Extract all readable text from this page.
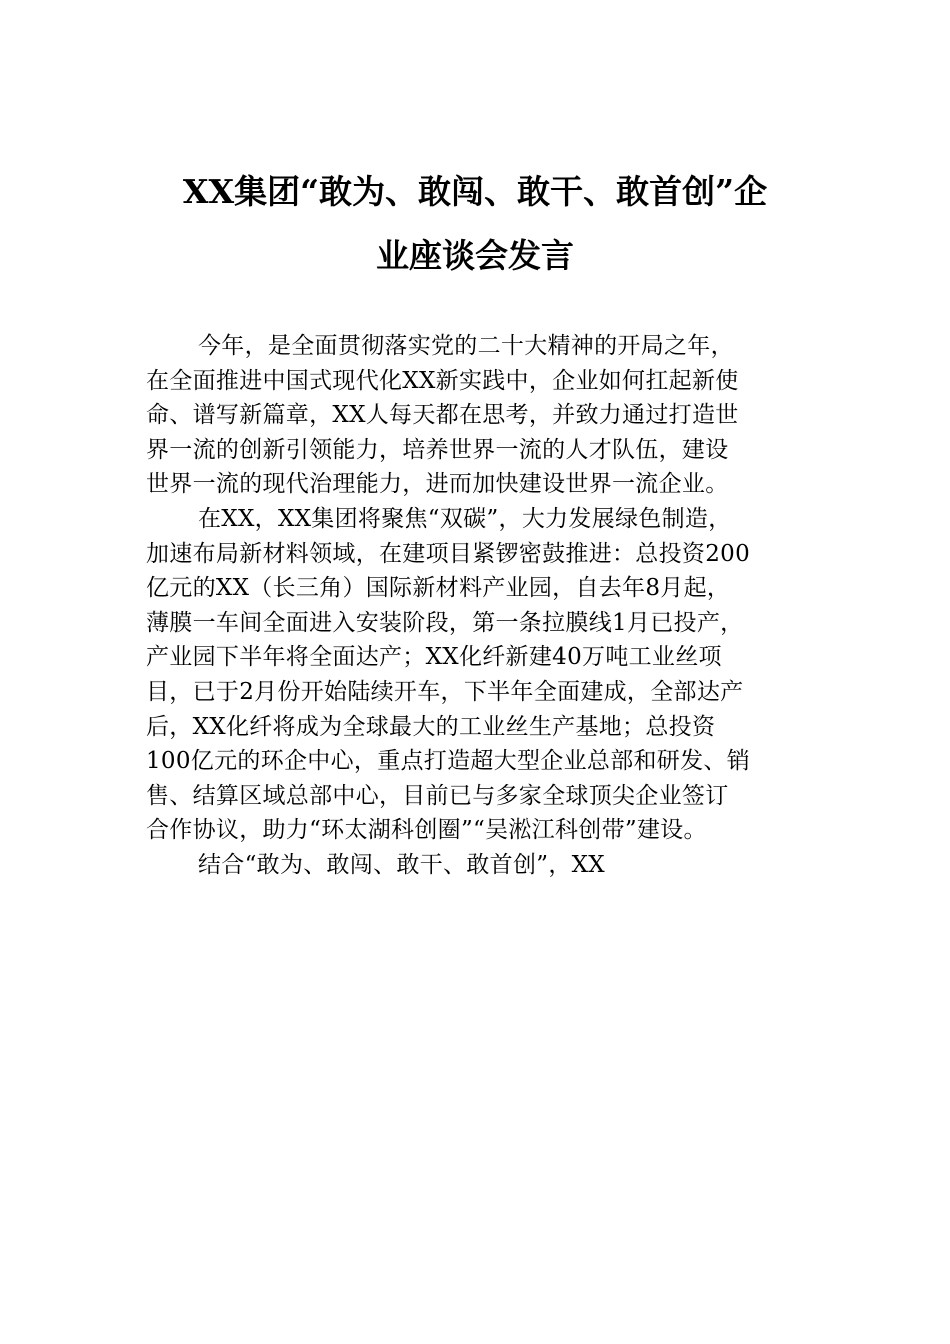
XX集团“敢为、敢闯、敢干、敢首创”企
业座谈会发言
今年，是全面贯彻落实党的二十大精神的开局之年，
在全面推进中国式现代化XX新实践中，企业如何扛起新使
命、谱写新篇章，XX人每天都在思考，并致力通过打造世
界一流的创新引领能力，培养世界一流的人才队伍，建设
世界一流的现代治理能力，进而加快建设世界一流企业。
在XX，XX集团将聚焦“双碳”，大力发展绿色制造，
加速布局新材料领域，在建项目紧锣密鼓推进：总投资200
亿元的XX（长三角）国际新材料产业园，自去年8月起，
薄膜一车间全面进入安装阶段，第一条拉膜线1月已投产，
产业园下半年将全面达产；XX化纤新建40万吨工业丝项
目，已于2月份开始陆续开车，下半年全面建成，全部达产
后，XX化纤将成为全球最大的工业丝生产基地；总投资
100亿元的环企中心，重点打造超大型企业总部和研发、销
售、结算区域总部中心，目前已与多家全球顶尖企业签订
合作协议，助力“环太湖科创圈”“吴淞江科创带”建设。
结合“敢为、敢闯、敢干、敢首创”，XX
